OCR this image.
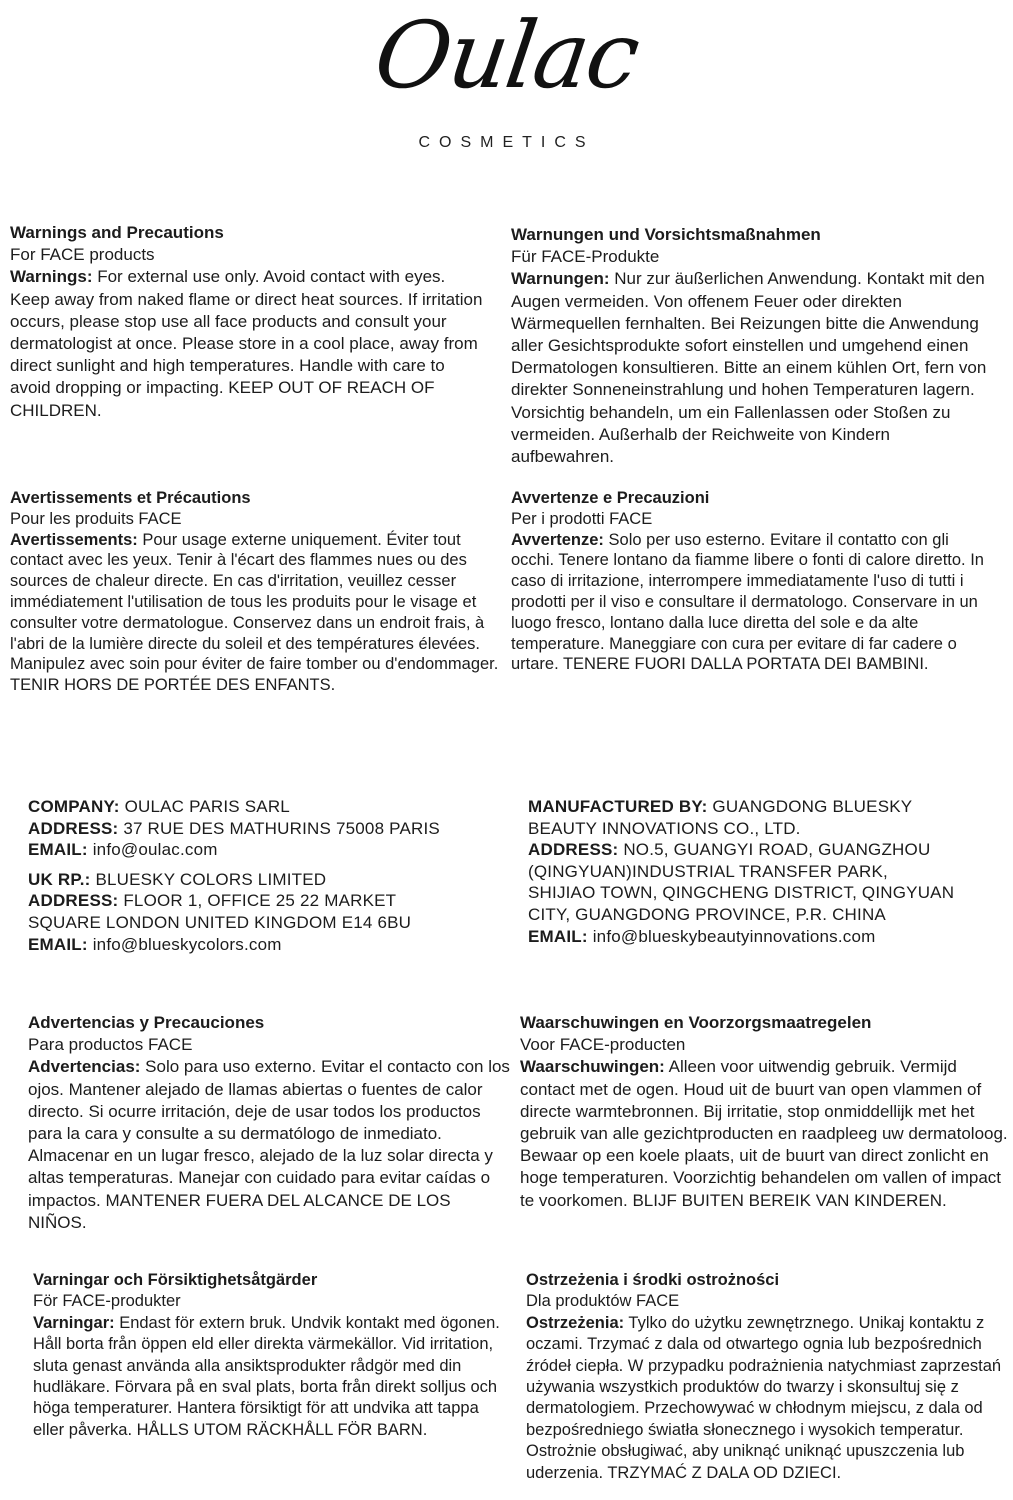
Oulac
COSMETICS
Warnings and Precautions
For FACE products
Warnings: For external use only. Avoid contact with eyes. Keep away from naked flame or direct heat sources. If irritation occurs, please stop use all face products and consult your dermatologist at once. Please store in a cool place, away from direct sunlight and high temperatures. Handle with care to avoid dropping or impacting. KEEP OUT OF REACH OF CHILDREN.
Warnungen und Vorsichtsmaßnahmen
Für FACE-Produkte
Warnungen: Nur zur äußerlichen Anwendung. Kontakt mit den Augen vermeiden. Von offenem Feuer oder direkten Wärmequellen fernhalten. Bei Reizungen bitte die Anwendung aller Gesichtsprodukte sofort einstellen und umgehend einen Dermatologen konsultieren. Bitte an einem kühlen Ort, fern von direkter Sonneneinstrahlung und hohen Temperaturen lagern. Vorsichtig behandeln, um ein Fallenlassen oder Stoßen zu vermeiden. Außerhalb der Reichweite von Kindern aufbewahren.
Avertissements et Précautions
Pour les produits FACE
Avertissements: Pour usage externe uniquement. Éviter tout contact avec les yeux. Tenir à l'écart des flammes nues ou des sources de chaleur directe. En cas d'irritation, veuillez cesser immédiatement l'utilisation de tous les produits pour le visage et consulter votre dermatologue. Conservez dans un endroit frais, à l'abri de la lumière directe du soleil et des températures élevées. Manipulez avec soin pour éviter de faire tomber ou d'endommager. TENIR HORS DE PORTÉE DES ENFANTS.
Avvertenze e Precauzioni
Per i prodotti FACE
Avvertenze: Solo per uso esterno. Evitare il contatto con gli occhi. Tenere lontano da fiamme libere o fonti di calore diretto. In caso di irritazione, interrompere immediatamente l'uso di tutti i prodotti per il viso e consultare il dermatologo. Conservare in un luogo fresco, lontano dalla luce diretta del sole e da alte temperature. Maneggiare con cura per evitare di far cadere o urtare. TENERE FUORI DALLA PORTATA DEI BAMBINI.
COMPANY: OULAC PARIS SARL
ADDRESS: 37 RUE DES MATHURINS 75008 PARIS
EMAIL: info@oulac.com
UK RP.: BLUESKY COLORS LIMITED
ADDRESS: FLOOR 1, OFFICE 25 22 MARKET
SQUARE LONDON UNITED KINGDOM E14 6BU
EMAIL: info@blueskycolors.com
MANUFACTURED BY: GUANGDONG BLUESKY
BEAUTY INNOVATIONS CO., LTD.
ADDRESS: NO.5, GUANGYI ROAD, GUANGZHOU
(QINGYUAN)INDUSTRIAL TRANSFER PARK,
SHIJIAO TOWN, QINGCHENG DISTRICT, QINGYUAN
CITY, GUANGDONG PROVINCE, P.R. CHINA
EMAIL: info@blueskybeautyinnovations.com
Advertencias y Precauciones
Para productos FACE
Advertencias: Solo para uso externo. Evitar el contacto con los ojos. Mantener alejado de llamas abiertas o fuentes de calor directo. Si ocurre irritación, deje de usar todos los productos para la cara y consulte a su dermatólogo de inmediato. Almacenar en un lugar fresco, alejado de la luz solar directa y altas temperaturas. Manejar con cuidado para evitar caídas o impactos. MANTENER FUERA DEL ALCANCE DE LOS NIÑOS.
Waarschuwingen en Voorzorgsmaatregelen
Voor FACE-producten
Waarschuwingen: Alleen voor uitwendig gebruik. Vermijd contact met de ogen. Houd uit de buurt van open vlammen of directe warmtebronnen. Bij irritatie, stop onmiddellijk met het gebruik van alle gezichtproducten en raadpleeg uw dermatoloog. Bewaar op een koele plaats, uit de buurt van direct zonlicht en hoge temperaturen. Voorzichtig behandelen om vallen of impact te voorkomen. BLIJF BUITEN BEREIK VAN KINDEREN.
Varningar och Försiktighetsåtgärder
För FACE-produkter
Varningar: Endast för extern bruk. Undvik kontakt med ögonen. Håll borta från öppen eld eller direkta värmekällor. Vid irritation, sluta genast använda alla ansiktsprodukter rådgör med din hudläkare. Förvara på en sval plats, borta från direkt solljus och höga temperaturer. Hantera försiktigt för att undvika att tappa eller påverka. HÅLLS UTOM RÄCKHÅLL FÖR BARN.
Ostrzeżenia i środki ostrożności
Dla produktów FACE
Ostrzeżenia: Tylko do użytku zewnętrznego. Unikaj kontaktu z oczami. Trzymać z dala od otwartego ognia lub bezpośrednich źródeł ciepła. W przypadku podrażnienia natychmiast zaprzestań używania wszystkich produktów do twarzy i skonsultuj się z dermatologiem. Przechowywać w chłodnym miejscu, z dala od bezpośredniego światła słonecznego i wysokich temperatur. Ostrożnie obsługiwać, aby uniknąć uniknąć upuszczenia lub uderzenia. TRZYMAĆ Z DALA OD DZIECI.
